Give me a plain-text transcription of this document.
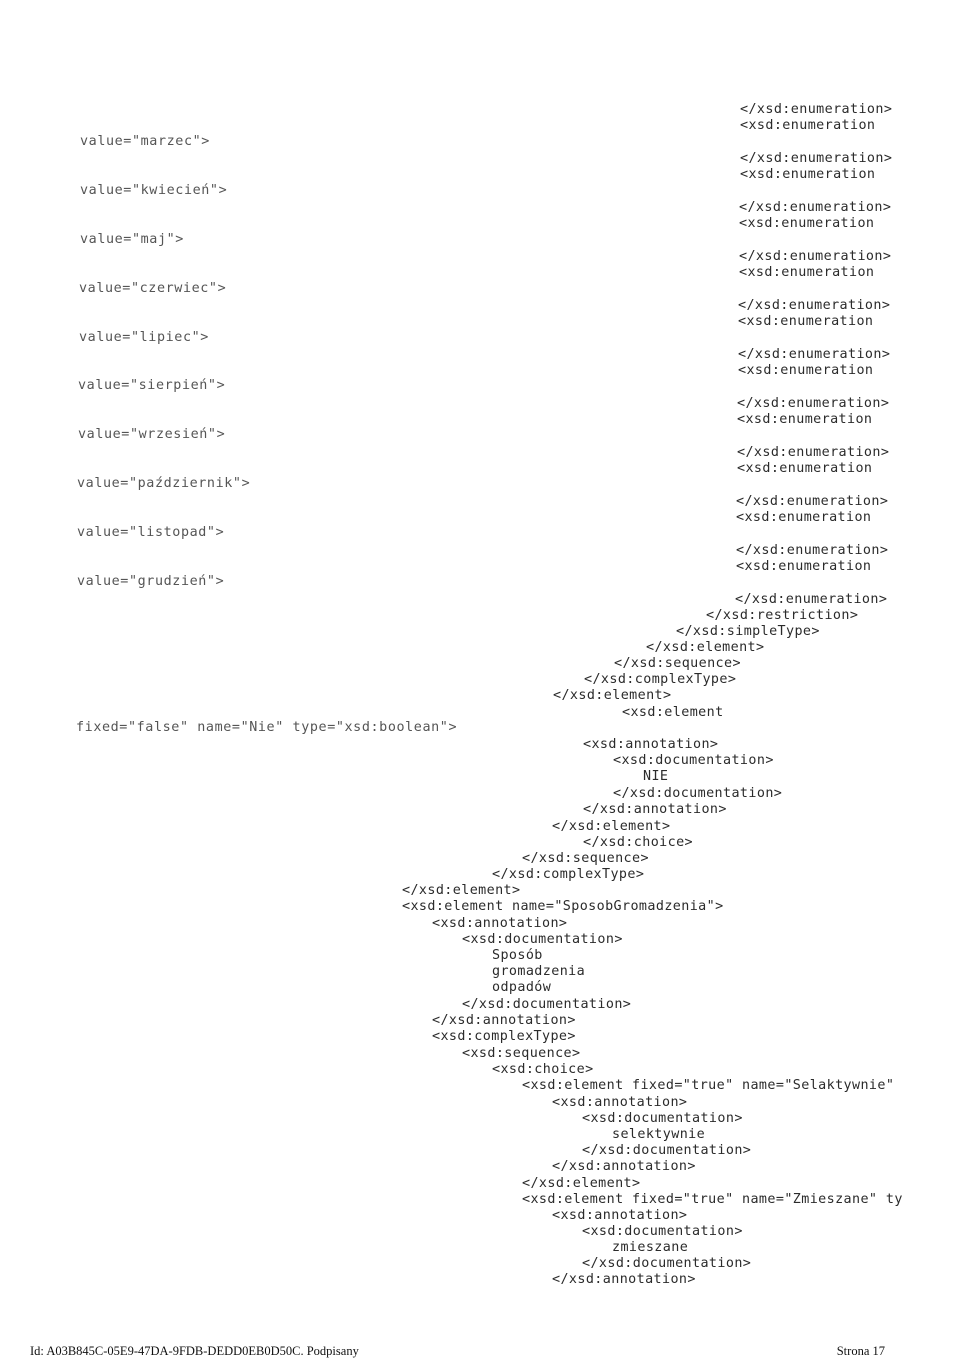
</xsd:enumeration>
<xsd:enumeration
</xsd:enumeration>
<xsd:enumeration
</xsd:enumeration>
<xsd:enumeration
</xsd:enumeration>
<xsd:enumeration
</xsd:enumeration>
<xsd:enumeration
</xsd:enumeration>
<xsd:enumeration
</xsd:enumeration>
<xsd:enumeration
</xsd:enumeration>
<xsd:enumeration
</xsd:enumeration>
<xsd:enumeration
</xsd:enumeration>
<xsd:enumeration
</xsd:enumeration>
value="marzec">
value="kwiecień">
value="maj">
value="czerwiec">
value="lipiec">
value="sierpień">
value="wrzesień">
value="październik">
value="listopad">
value="grudzień">
</xsd:restriction>
</xsd:simpleType>
</xsd:element>
</xsd:sequence>
</xsd:complexType>
</xsd:element>
<xsd:element
fixed="false" name="Nie" type="xsd:boolean">
<xsd:annotation>
<xsd:documentation>
NIE
</xsd:documentation>
</xsd:annotation>
</xsd:element>
</xsd:choice>
</xsd:sequence>
</xsd:complexType>
</xsd:element>
<xsd:element name="SposobGromadzenia">
<xsd:annotation>
<xsd:documentation>
Sposób
gromadzenia
odpadów
</xsd:documentation>
</xsd:annotation>
<xsd:complexType>
<xsd:sequence>
<xsd:choice>
<xsd:element fixed="true" name="Selaktywnie"
<xsd:annotation>
<xsd:documentation>
selektywnie
</xsd:documentation>
</xsd:annotation>
</xsd:element>
<xsd:element fixed="true" name="Zmieszane" ty
<xsd:annotation>
<xsd:documentation>
zmieszane
</xsd:documentation>
</xsd:annotation>
Id: A03B845C-05E9-47DA-9FDB-DEDD0EB0D50C. Podpisany	Strona 17
